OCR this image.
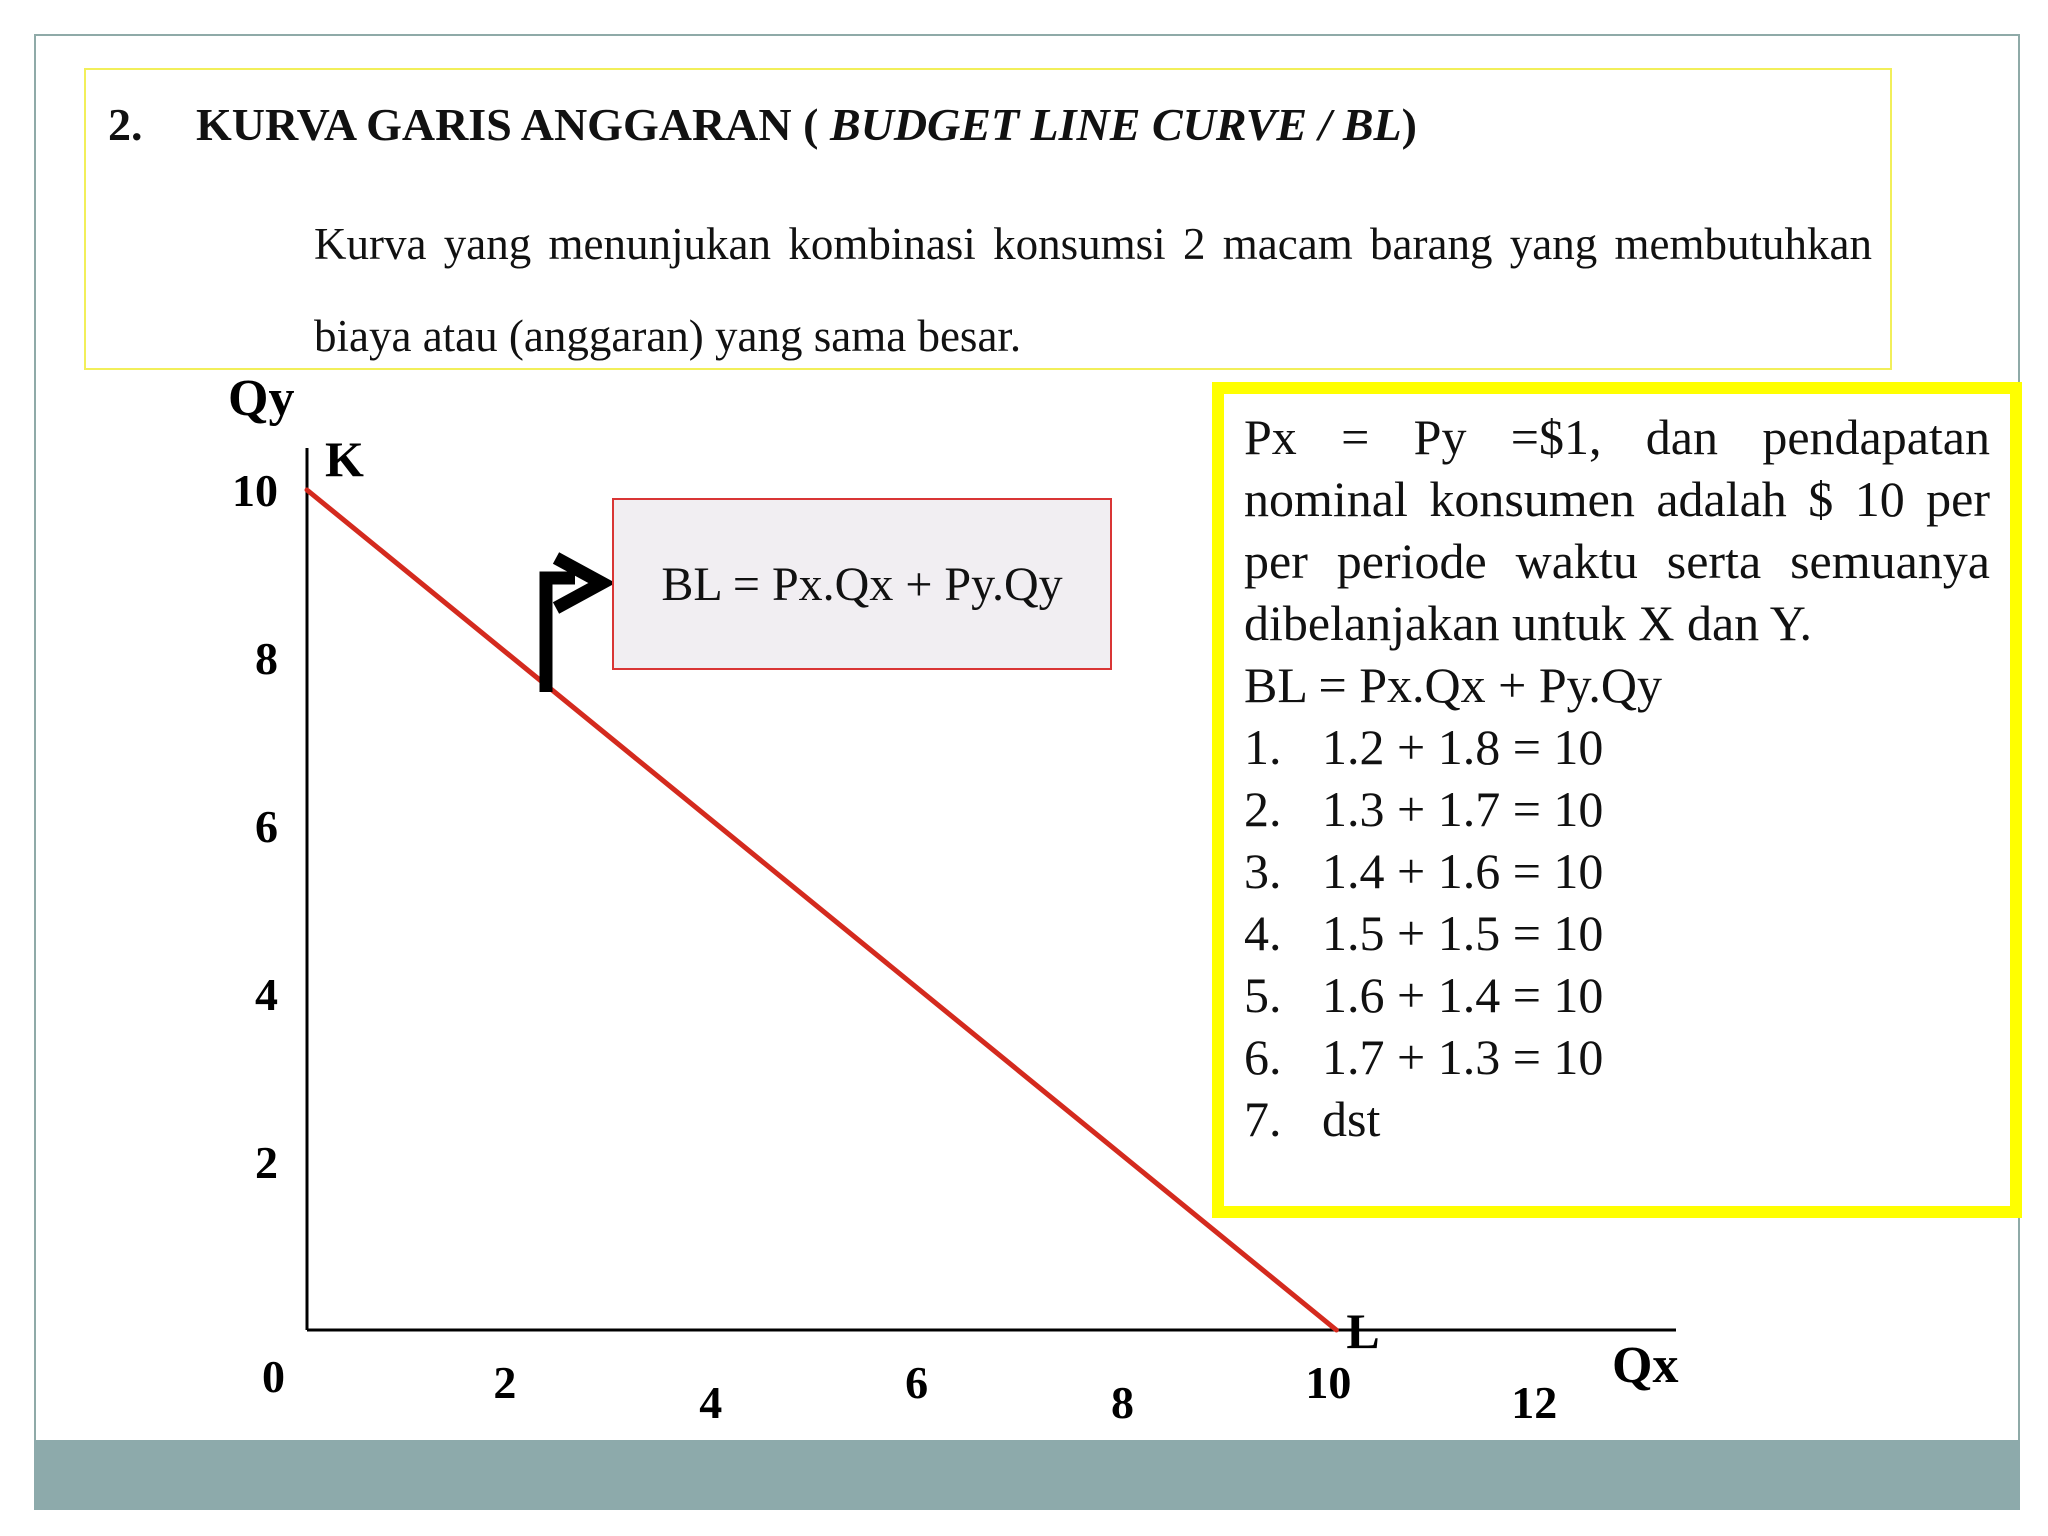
2. KURVA GARIS ANGGARAN ( BUDGET LINE CURVE / BL)
Kurva yang menunjukan kombinasi konsumsi 2 macam barang yang membutuhkan biaya atau (anggaran) yang sama besar.
Qy
Qx
0
10
8
6
4
2
2	4	6	8	10	12
K
L
BL = Px.Qx + Py.Qy

Px = Py =$1, dan pendapatan nominal konsumen adalah $ 10 per per periode waktu serta semuanya dibelanjakan untuk X dan Y.

BL = Px.Qx + Py.Qy

1. 1.2 + 1.8 = 10
2. 1.3 + 1.7 = 10
3. 1.4 + 1.6 = 10
4. 1.5 + 1.5 = 10
5. 1.6 + 1.4 = 10
6. 1.7 + 1.3 = 10
7. dst
